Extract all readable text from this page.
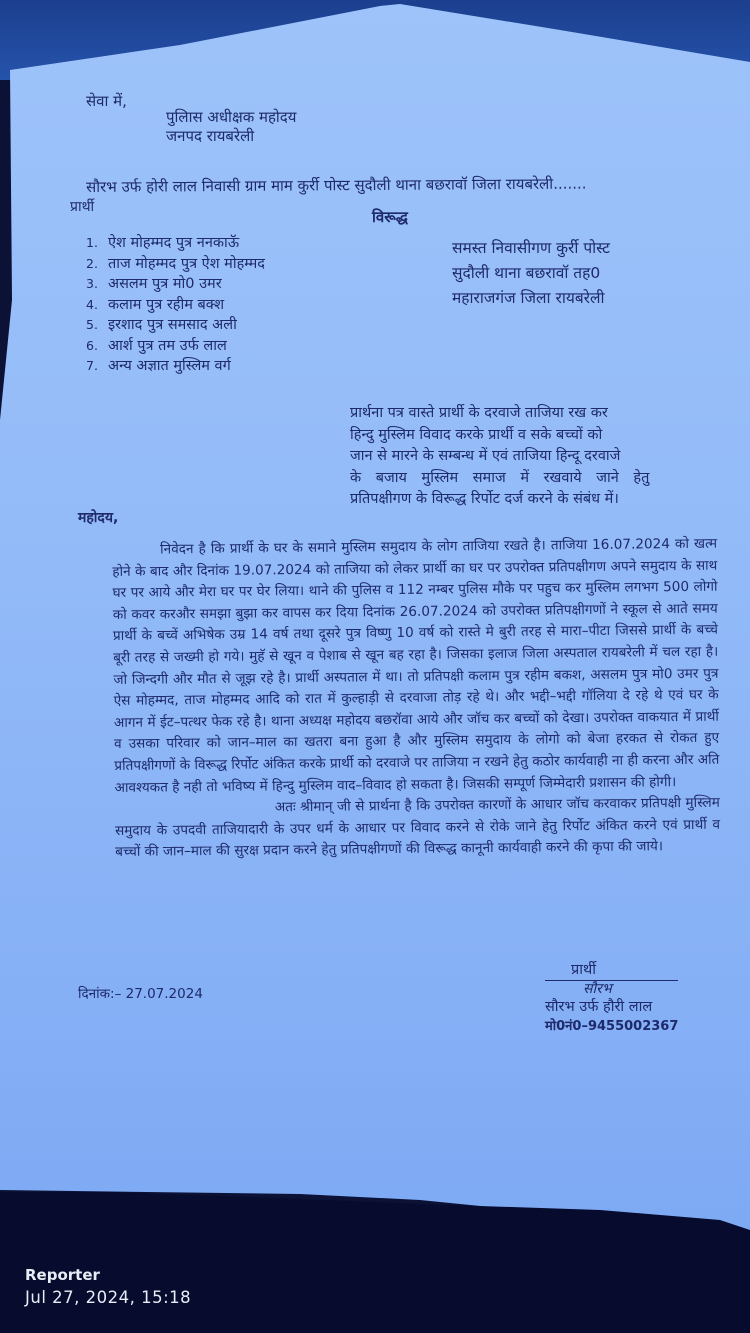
सेवा में,
पुलिास अधीक्षक महोदय
जनपद रायबरेली
सौरभ उर्फ होरी लाल निवासी ग्राम माम कुर्री पोस्ट सुदौली थाना बछरावॉ जिला रायबरेली.......
प्रार्थी
विरूद्ध
1. ऐश मोहम्मद पुत्र ननकाऊॅ
2. ताज मोहम्मद पुत्र ऐश मोहम्मद
3. असलम पुत्र मो0 उमर
4. कलाम पुत्र रहीम बक्श
5. इरशाद पुत्र समसाद अली
6. आर्श पुत्र तम उर्फ लाल
7. अन्य अज्ञात मुस्लिम वर्ग
समस्त निवासीगण कुर्री पोस्ट
सुदौली थाना बछरावॉ तह0
महाराजगंज जिला रायबरेली
प्रार्थना पत्र वास्ते प्रार्थी के दरवाजे ताजिया रख कर
हिन्दु मुस्लिम विवाद करके प्रार्थी व सके बच्चों को
जान से मारने के सम्बन्ध में एवं ताजिया हिन्दू दरवाजे
के बजाय मुस्लिम समाज में रखवाये जाने हेतु
प्रतिपक्षीगण के विरूद्ध रिर्पोट दर्ज करने के संबंध में।
महोदय,

निवेदन है कि प्रार्थी के घर के समाने मुस्लिम समुदाय के लोग ताजिया रखते है। ताजिया 16.07.2024 को खत्म होने के बाद और दिनांक 19.07.2024 को ताजिया को लेकर प्रार्थी का घर पर उपरोक्त प्रतिपक्षीगण अपने समुदाय के साथ घर पर आये और मेरा घर पर घेर लिया। थाने की पुलिस व 112 नम्बर पुलिस मौके पर पहुच कर मुस्लिम लगभग 500 लोगो को कवर करऔर समझा बुझा कर वापस कर दिया दिनांक 26.07.2024 को उपरोक्त प्रतिपक्षीगणों ने स्कूल से आते समय प्रार्थी के बच्वें अभिषेक उम्र 14 वर्ष तथा दूसरे पुत्र विष्णु 10 वर्ष को रास्ते मे बुरी तरह से मारा–पीटा जिससे प्रार्थी के बच्चे बूरी तरह से जख्मी हो गये। मुहॅ से खून व पेशाब से खून बह रहा है। जिसका इलाज जिला अस्पताल रायबरेली में चल रहा है। जो जिन्दगी और मौत से जूझ रहे है। प्रार्थी अस्पताल में था। तो प्रतिपक्षी कलाम पुत्र रहीम बकश, असलम पुत्र मो0 उमर पुत्र ऐस मोहम्मद, ताज मोहम्मद आदि को रात में कुल्हाड़ी से दरवाजा तोड़ रहे थे। और भद्दी–भद्दी गॉलिया दे रहे थे एवं घर के आगन में ईट–पत्थर फेक रहे है। थाना अध्यक्ष महोदय बछरॉवा आये और जॉच कर बच्चों को देखा। उपरोक्त वाकयात में प्रार्थी व उसका परिवार को जान–माल का खतरा बना हुआ है और मुस्लिम समुदाय के लोगो को बेजा हरकत से रोकत हुए प्रतिपक्षीगणों के विरूद्ध रिर्पोट अंकित करके प्रार्थी को दरवाजे पर ताजिया न रखने हेतु कठोर कार्यवाही ना ही करना और अति आवश्यकत है नही तो भविष्य में हिन्दु मुस्लिम वाद–विवाद हो सकता है। जिसकी सम्पूर्ण जिम्मेदारी प्रशासन की होगी।

अतः श्रीमान् जी से प्रार्थना है कि उपरोक्त कारणों के आधार जॉच करवाकर प्रतिपक्षी मुस्लिम समुदाय के उपदवी ताजियादारी के उपर धर्म के आधार पर विवाद करने से रोके जाने हेतु रिर्पोट अंकित करने एवं प्रार्थी व बच्चों की जान–माल की सुरक्ष प्रदान करने हेतु प्रतिपक्षीगणों की विरूद्ध कानूनी कार्यवाही करने की कृपा की जाये।

दिनांक:– 27.07.2024
प्रार्थी
सौरभ
सौरभ उर्फ हौरी लाल
मो0नं0–9455002367
Reporter
Jul 27, 2024, 15:18
